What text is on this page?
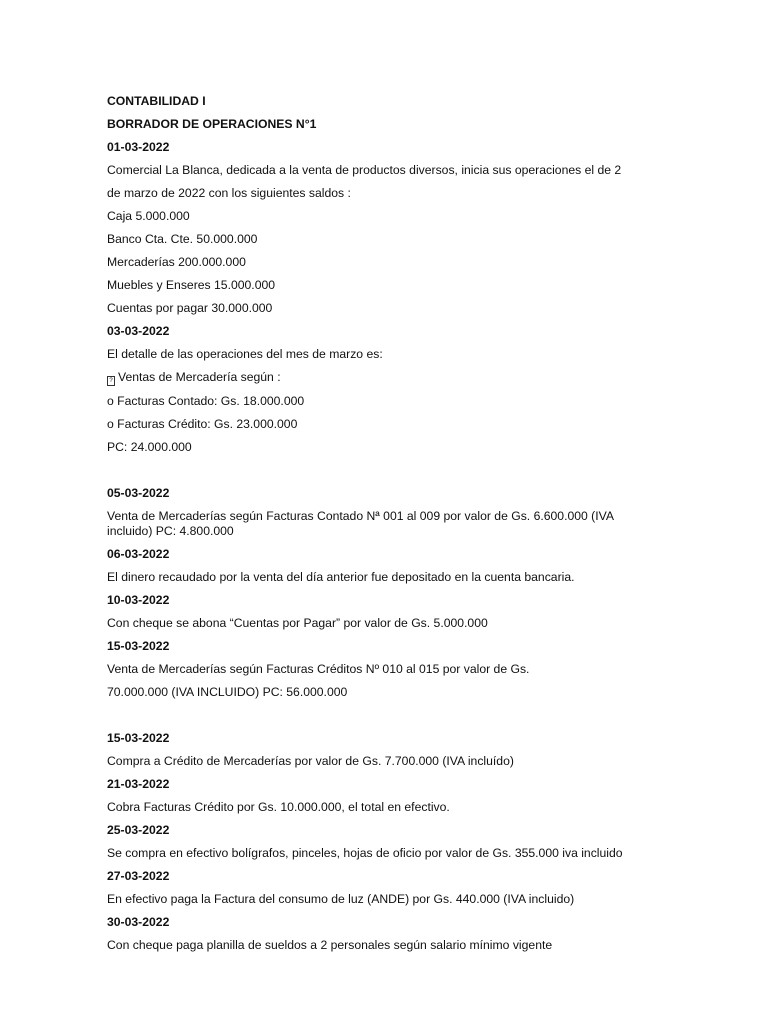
CONTABILIDAD I
BORRADOR DE OPERACIONES N°1
01-03-2022
Comercial La Blanca, dedicada a la venta de productos diversos, inicia sus operaciones el de 2
de marzo de 2022 con los siguientes saldos :
Caja 5.000.000
Banco Cta. Cte. 50.000.000
Mercaderías 200.000.000
Muebles y Enseres 15.000.000
Cuentas por pagar 30.000.000
03-03-2022
El detalle de las operaciones del mes de marzo es:
? Ventas de Mercadería según :
o Facturas Contado: Gs. 18.000.000
o Facturas Crédito: Gs. 23.000.000
PC: 24.000.000
05-03-2022
Venta de Mercaderías según Facturas Contado Nª 001 al 009 por valor de Gs. 6.600.000 (IVA incluido) PC: 4.800.000
06-03-2022
El dinero recaudado por la venta del día anterior fue depositado en la cuenta bancaria.
10-03-2022
Con cheque se abona “Cuentas por Pagar” por valor de Gs. 5.000.000
15-03-2022
Venta de Mercaderías según Facturas Créditos Nº 010 al 015 por valor de Gs.
70.000.000 (IVA INCLUIDO) PC: 56.000.000
15-03-2022
Compra a Crédito de Mercaderías por valor de Gs. 7.700.000 (IVA incluído)
21-03-2022
Cobra Facturas Crédito por Gs. 10.000.000, el total en efectivo.
25-03-2022
Se compra en efectivo bolígrafos, pinceles, hojas de oficio por valor de Gs. 355.000 iva incluido
27-03-2022
En efectivo paga la Factura del consumo de luz (ANDE) por Gs. 440.000 (IVA incluido)
30-03-2022
Con cheque paga planilla de sueldos a 2 personales según salario mínimo vigente
